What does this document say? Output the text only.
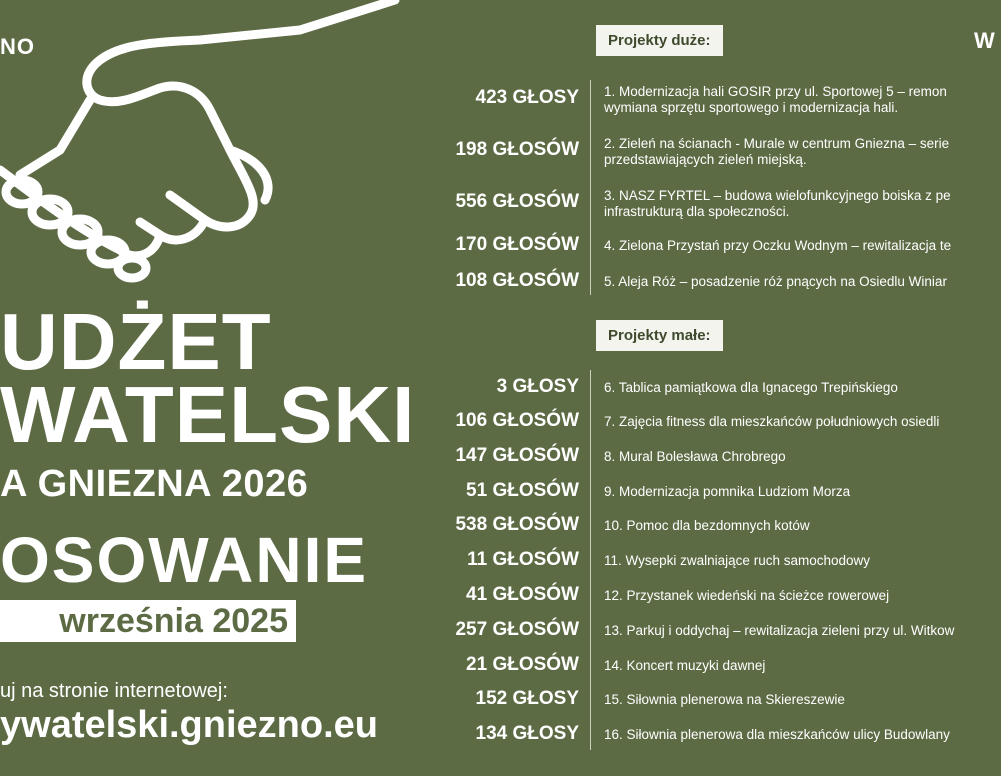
NO	W
UDŻET
WATELSKI
A GNIEZNA 2026
OSOWANIE
września 2025
uj na stronie internetowej:
ywatelski.gniezno.eu
Projekty duże:
Projekty małe:
423 GŁOSY 1. Modernizacja hali GOSIR przy ul. Sportowej 5 – remon
wymiana sprzętu sportowego i modernizacja hali.
198 GŁOSÓW 2. Zieleń na ścianach - Murale w centrum Gniezna – serie
przedstawiających zieleń miejską.
556 GŁOSÓW 3. NASZ FYRTEL – budowa wielofunkcyjnego boiska z pe
infrastrukturą dla społeczności.
170 GŁOSÓW 4. Zielona Przystań przy Oczku Wodnym – rewitalizacja te
108 GŁOSÓW 5. Aleja Róż – posadzenie róż pnących na Osiedlu Winiar
3 GŁOSY 6. Tablica pamiątkowa dla Ignacego Trepińskiego
106 GŁOSÓW 7. Zajęcia fitness dla mieszkańców południowych osiedli
147 GŁOSÓW 8. Mural Bolesława Chrobrego
51 GŁOSÓW 9. Modernizacja pomnika Ludziom Morza
538 GŁOSÓW 10. Pomoc dla bezdomnych kotów
11 GŁOSÓW 11. Wysepki zwalniające ruch samochodowy
41 GŁOSÓW 12. Przystanek wiedeński na ścieżce rowerowej
257 GŁOSÓW 13. Parkuj i oddychaj – rewitalizacja zieleni przy ul. Witkow
21 GŁOSÓW 14. Koncert muzyki dawnej
152 GŁOSY 15. Siłownia plenerowa na Skiereszewie
134 GŁOSY 16. Siłownia plenerowa dla mieszkańców ulicy Budowlany
